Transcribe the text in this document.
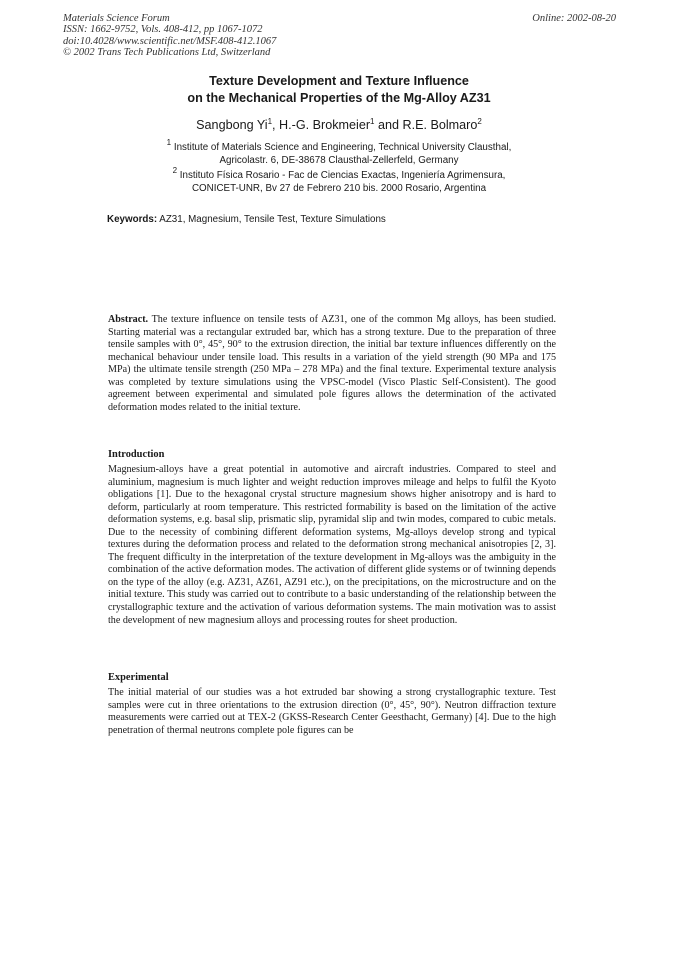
Materials Science Forum
ISSN: 1662-9752, Vols. 408-412, pp 1067-1072
doi:10.4028/www.scientific.net/MSF.408-412.1067
© 2002 Trans Tech Publications Ltd, Switzerland
Online: 2002-08-20
Texture Development and Texture Influence
on the Mechanical Properties of the Mg-Alloy AZ31
Sangbong Yi$^1$, H.-G. Brokmeier$^1$ and R.E. Bolmaro$^2$
$^1$ Institute of Materials Science and Engineering, Technical University Clausthal,
Agricolastr. 6, DE-38678 Clausthal-Zellerfeld, Germany
$^2$ Instituto Física Rosario - Fac de Ciencias Exactas, Ingeniería Agrimensura,
CONICET-UNR, Bv 27 de Febrero 210 bis. 2000 Rosario, Argentina
Keywords: AZ31, Magnesium, Tensile Test, Texture Simulations
Abstract. The texture influence on tensile tests of AZ31, one of the common Mg alloys, has been studied. Starting material was a rectangular extruded bar, which has a strong texture. Due to the preparation of three tensile samples with 0°, 45°, 90° to the extrusion direction, the initial bar texture influences differently on the mechanical behaviour under tensile load. This results in a variation of the yield strength (90 MPa and 175 MPa) the ultimate tensile strength (250 MPa – 278 MPa) and the final texture. Experimental texture analysis was completed by texture simulations using the VPSC-model (Visco Plastic Self-Consistent). The good agreement between experimental and simulated pole figures allows the determination of the activated deformation modes related to the initial texture.
Introduction
Magnesium-alloys have a great potential in automotive and aircraft industries. Compared to steel and aluminium, magnesium is much lighter and weight reduction improves mileage and helps to fulfil the Kyoto obligations [1]. Due to the hexagonal crystal structure magnesium shows higher anisotropy and is hard to deform, particularly at room temperature. This restricted formability is based on the limitation of the active deformation systems, e.g. basal slip, prismatic slip, pyramidal slip and twin modes, compared to cubic metals. Due to the necessity of combining different deformation systems, Mg-alloys develop strong and typical textures during the deformation process and related to the deformation strong mechanical anisotropies [2, 3]. The frequent difficulty in the interpretation of the texture development in Mg-alloys was the ambiguity in the combination of the active deformation modes. The activation of different glide systems or of twinning depends on the type of the alloy (e.g. AZ31, AZ61, AZ91 etc.), on the precipitations, on the microstructure and on the initial texture. This study was carried out to contribute to a basic understanding of the relationship between the crystallographic texture and the activation of various deformation systems. The main motivation was to assist the development of new magnesium alloys and processing routes for sheet production.
Experimental
The initial material of our studies was a hot extruded bar showing a strong crystallographic texture. Test samples were cut in three orientations to the extrusion direction (0°, 45°, 90°). Neutron diffraction texture measurements were carried out at TEX-2 (GKSS-Research Center Geesthacht, Germany) [4]. Due to the high penetration of thermal neutrons complete pole figures can be
